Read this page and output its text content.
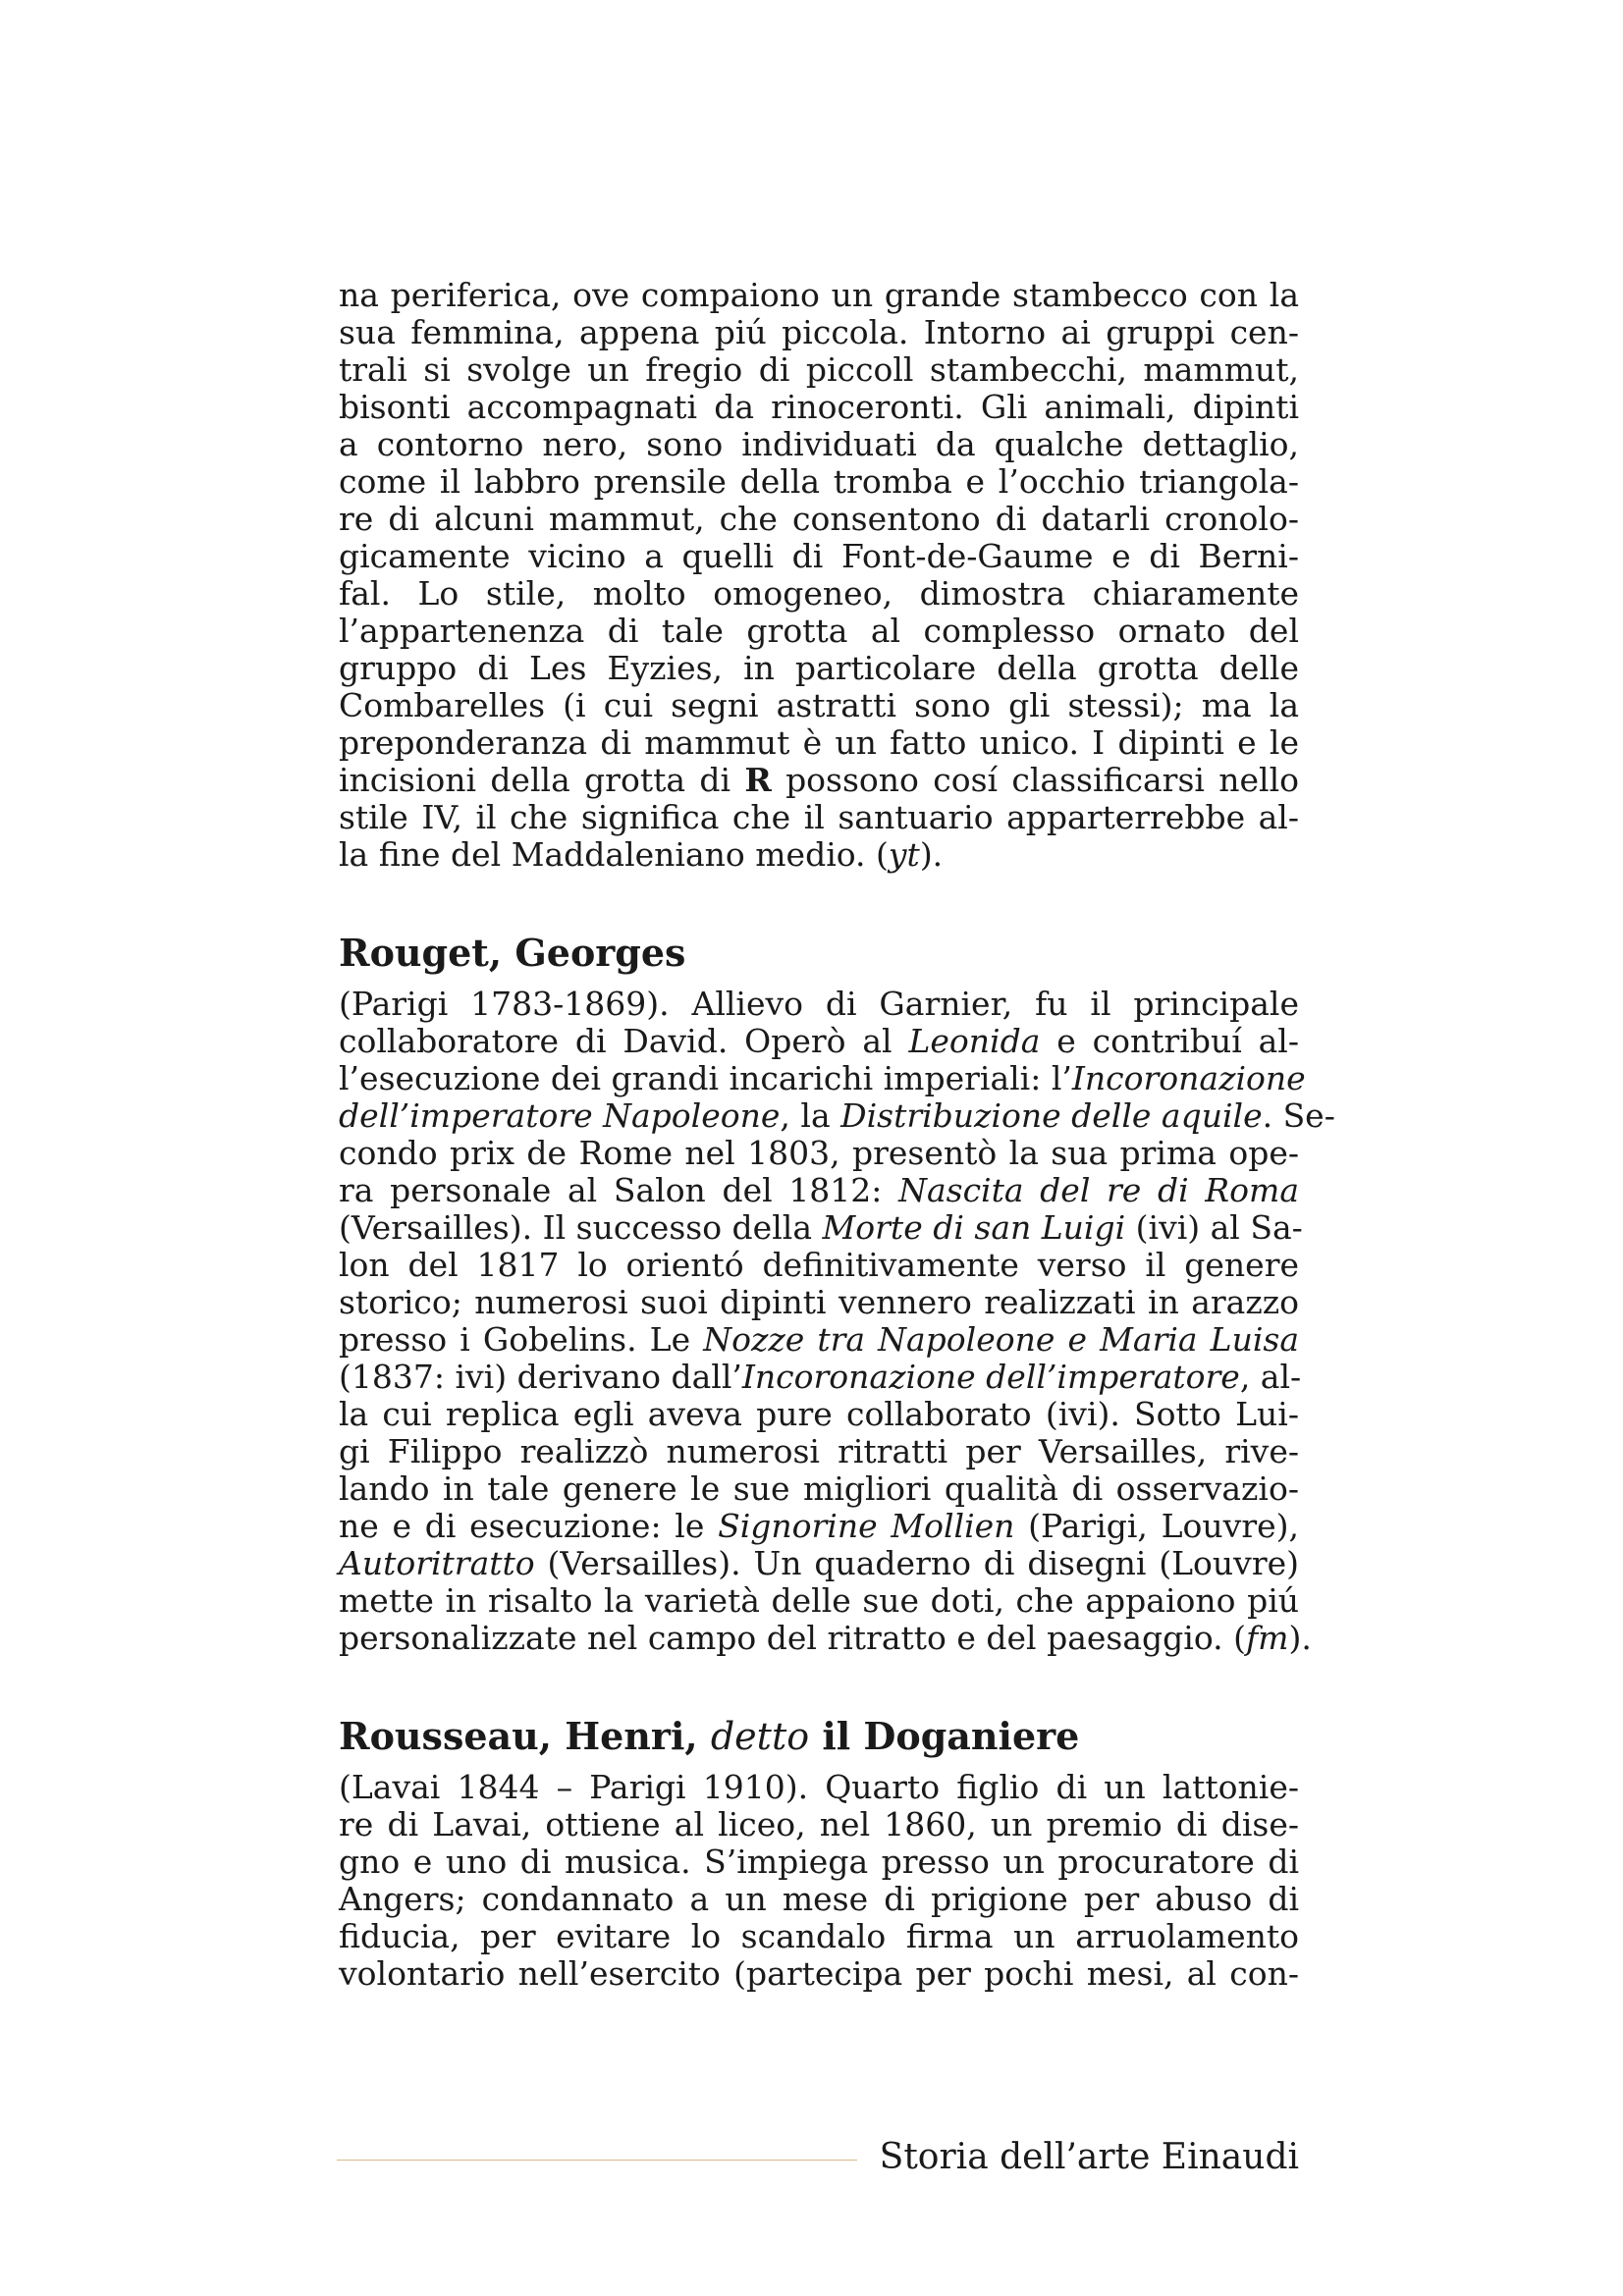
na periferica, ove compaiono un grande stambecco con la
sua femmina, appena piú piccola. Intorno ai gruppi cen-
trali si svolge un fregio di piccoll stambecchi, mammut,
bisonti accompagnati da rinoceronti. Gli animali, dipinti
a contorno nero, sono individuati da qualche dettaglio,
come il labbro prensile della tromba e l’occhio triangola-
re di alcuni mammut, che consentono di datarli cronolo-
gicamente vicino a quelli di Font-de-Gaume e di Berni-
fal. Lo stile, molto omogeneo, dimostra chiaramente
l’appartenenza di tale grotta al complesso ornato del
gruppo di Les Eyzies, in particolare della grotta delle
Combarelles (i cui segni astratti sono gli stessi); ma la
preponderanza di mammut è un fatto unico. I dipinti e le
incisioni della grotta di R possono cosí classificarsi nello
stile IV, il che significa che il santuario apparterrebbe al-
la fine del Maddaleniano medio. (yt).
Rouget, Georges
(Parigi 1783-1869). Allievo di Garnier, fu il principale
collaboratore di David. Operò al Leonida e contribuí al-
l’esecuzione dei grandi incarichi imperiali: l’Incoronazione
dell’imperatore Napoleone, la Distribuzione delle aquile. Se-
condo prix de Rome nel 1803, presentò la sua prima ope-
ra personale al Salon del 1812: Nascita del re di Roma
(Versailles). Il successo della Morte di san Luigi (ivi) al Sa-
lon del 1817 lo orientó definitivamente verso il genere
storico; numerosi suoi dipinti vennero realizzati in arazzo
presso i Gobelins. Le Nozze tra Napoleone e Maria Luisa
(1837: ivi) derivano dall’Incoronazione dell’imperatore, al-
la cui replica egli aveva pure collaborato (ivi). Sotto Lui-
gi Filippo realizzò numerosi ritratti per Versailles, rive-
lando in tale genere le sue migliori qualità di osservazio-
ne e di esecuzione: le Signorine Mollien (Parigi, Louvre),
Autoritratto (Versailles). Un quaderno di disegni (Louvre)
mette in risalto la varietà delle sue doti, che appaiono piú
personalizzate nel campo del ritratto e del paesaggio. (fm).
Rousseau, Henri, detto il Doganiere
(Lavai 1844 – Parigi 1910). Quarto figlio di un lattonie-
re di Lavai, ottiene al liceo, nel 1860, un premio di dise-
gno e uno di musica. S’impiega presso un procuratore di
Angers; condannato a un mese di prigione per abuso di
fiducia, per evitare lo scandalo firma un arruolamento
volontario nell’esercito (partecipa per pochi mesi, al con-
Storia dell’arte Einaudi
